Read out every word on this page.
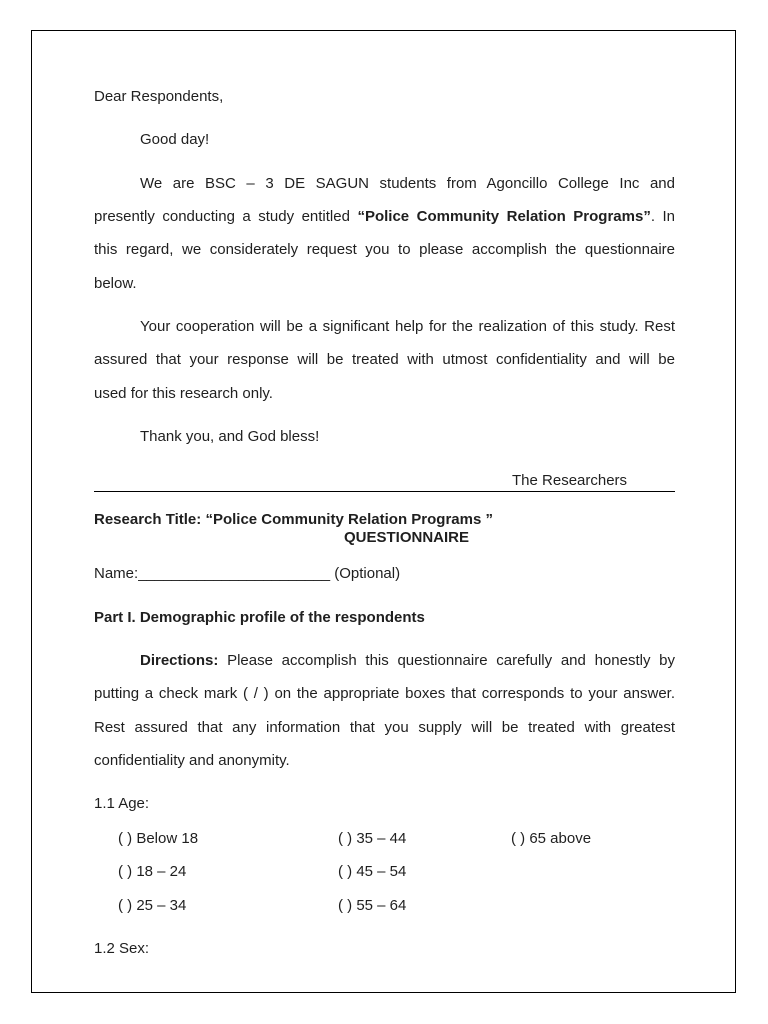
Dear Respondents,
Good day!
We are BSC – 3 DE SAGUN students from Agoncillo College Inc and
presently conducting a study entitled “Police Community Relation Programs”. In
this regard, we considerately request you to please accomplish the questionnaire
below.
Your cooperation will be a significant help for the realization of this study. Rest
assured that your response will be treated with utmost confidentiality and will be
used for this research only.
Thank you, and God bless!
The Researchers
Research Title: “Police Community Relation Programs ”
QUESTIONNAIRE
Name:_______________________ (Optional)
Part I. Demographic profile of the respondents
Directions: Please accomplish this questionnaire carefully and honestly by
putting a check mark ( / ) on the appropriate boxes that corresponds to your answer.
Rest assured that any information that you supply will be treated with greatest
confidentiality and anonymity.
1.1 Age:
( ) Below 18
( ) 18 – 24
( ) 25 – 34
( ) 35 – 44
( ) 45 – 54
( ) 55 – 64
( ) 65 above
1.2 Sex:
